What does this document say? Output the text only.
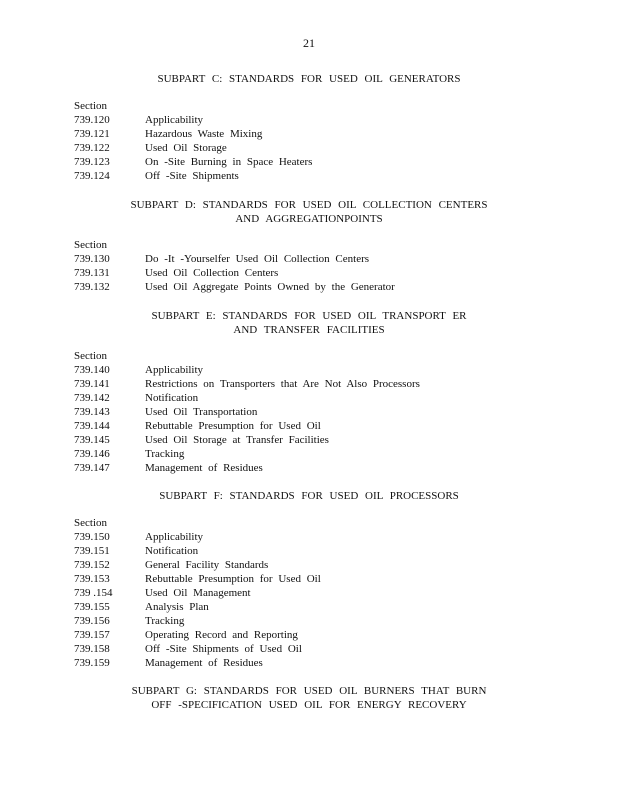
21
SUBPART C: STANDARDS FOR USED OIL GENERATORS
Section
739.120	Applicability
739.121	Hazardous Waste Mixing
739.122	Used Oil Storage
739.123	On -Site Burning in Space Heaters
739.124	Off -Site Shipments
SUBPART D: STANDARDS FOR USED OIL COLLECTION CENTERS
AND AGGREGATIONPOINTS
Section
739.130	Do -It -Yourselfer Used Oil Collection Centers
739.131	Used Oil Collection Centers
739.132	Used Oil Aggregate Points Owned by the Generator
SUBPART E: STANDARDS FOR USED OIL TRANSPORT ER
AND TRANSFER FACILITIES
Section
739.140	Applicability
739.141	Restrictions on Transporters that Are Not Also Processors
739.142	Notification
739.143	Used Oil Transportation
739.144	Rebuttable Presumption for Used Oil
739.145	Used Oil Storage at Transfer Facilities
739.146	Tracking
739.147	Management of Residues
SUBPART F: STANDARDS FOR USED OIL PROCESSORS
Section
739.150	Applicability
739.151	Notification
739.152	General Facility Standards
739.153	Rebuttable Presumption for Used Oil
739 .154	Used Oil Management
739.155	Analysis Plan
739.156	Tracking
739.157	Operating Record and Reporting
739.158	Off -Site Shipments of Used Oil
739.159	Management of Residues
SUBPART G: STANDARDS FOR USED OIL BURNERS THAT BURN
OFF -SPECIFICATION USED OIL FOR ENERGY RECOVERY
